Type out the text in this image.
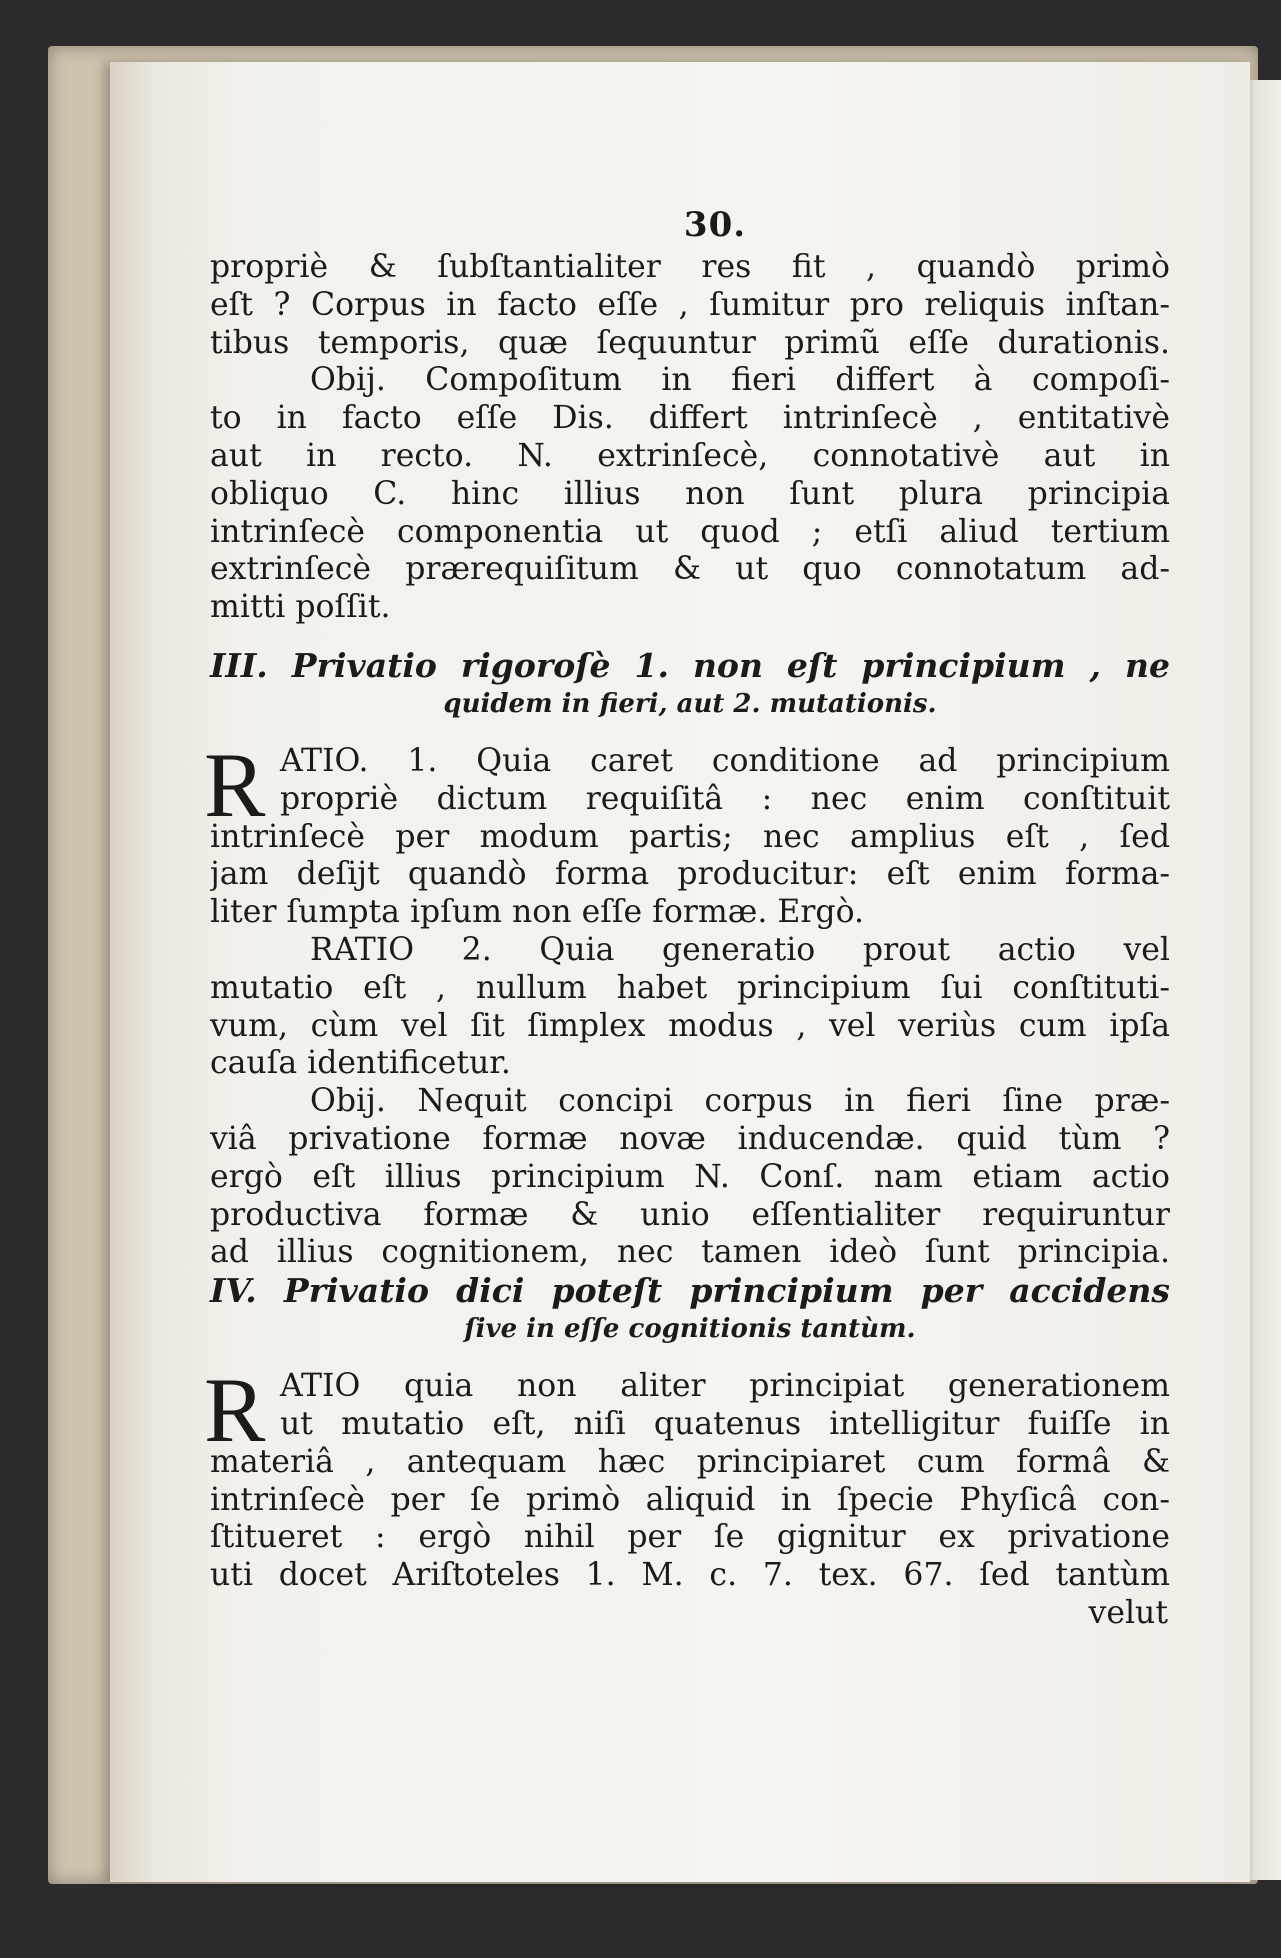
30.
propriè & ſubſtantialiter res fit , quandò primò
eſt ? Corpus in facto eſſe , ſumitur pro reliquis inſtan-
tibus temporis, quæ ſequuntur primũ eſſe durationis.
Obij. Compoſitum in fieri differt à compoſi-
to in facto eſſe Dis. differt intrinſecè , entitativè
aut in recto. N. extrinſecè, connotativè aut in
obliquo C. hinc illius non ſunt plura principia
intrinſecè componentia ut quod ; etſi aliud tertium
extrinſecè prærequiſitum & ut quo connotatum ad-
mitti poſſit.
III. Privatio rigoroſè 1. non eſt principium , ne
quidem in fieri, aut 2. mutationis.
R ATIO. 1. Quia caret conditione ad principium
propriè dictum requiſitâ : nec enim conſtituit
intrinſecè per modum partis; nec amplius eſt , ſed
jam deſijt quandò forma producitur: eſt enim forma-
liter ſumpta ipſum non eſſe formæ. Ergò.
RATIO 2. Quia generatio prout actio vel
mutatio eſt , nullum habet principium ſui conſtituti-
vum, cùm vel ſit ſimplex modus , vel veriùs cum ipſa
cauſa identificetur.
Obij. Nequit concipi corpus in fieri ſine præ-
viâ privatione formæ novæ inducendæ. quid tùm ?
ergò eſt illius principium N. Conſ. nam etiam actio
productiva formæ & unio eſſentialiter requiruntur
ad illius cognitionem, nec tamen ideò ſunt principia.
IV. Privatio dici poteſt principium per accidens
ſive in eſſe cognitionis tantùm.
R ATIO quia non aliter principiat generationem
ut mutatio eſt, niſi quatenus intelligitur fuiſſe in
materiâ , antequam hæc principiaret cum formâ &
intrinſecè per ſe primò aliquid in ſpecie Phyſicâ con-
ſtitueret : ergò nihil per ſe gignitur ex privatione
uti docet Ariſtoteles 1. M. c. 7. tex. 67. ſed tantùm
velut
